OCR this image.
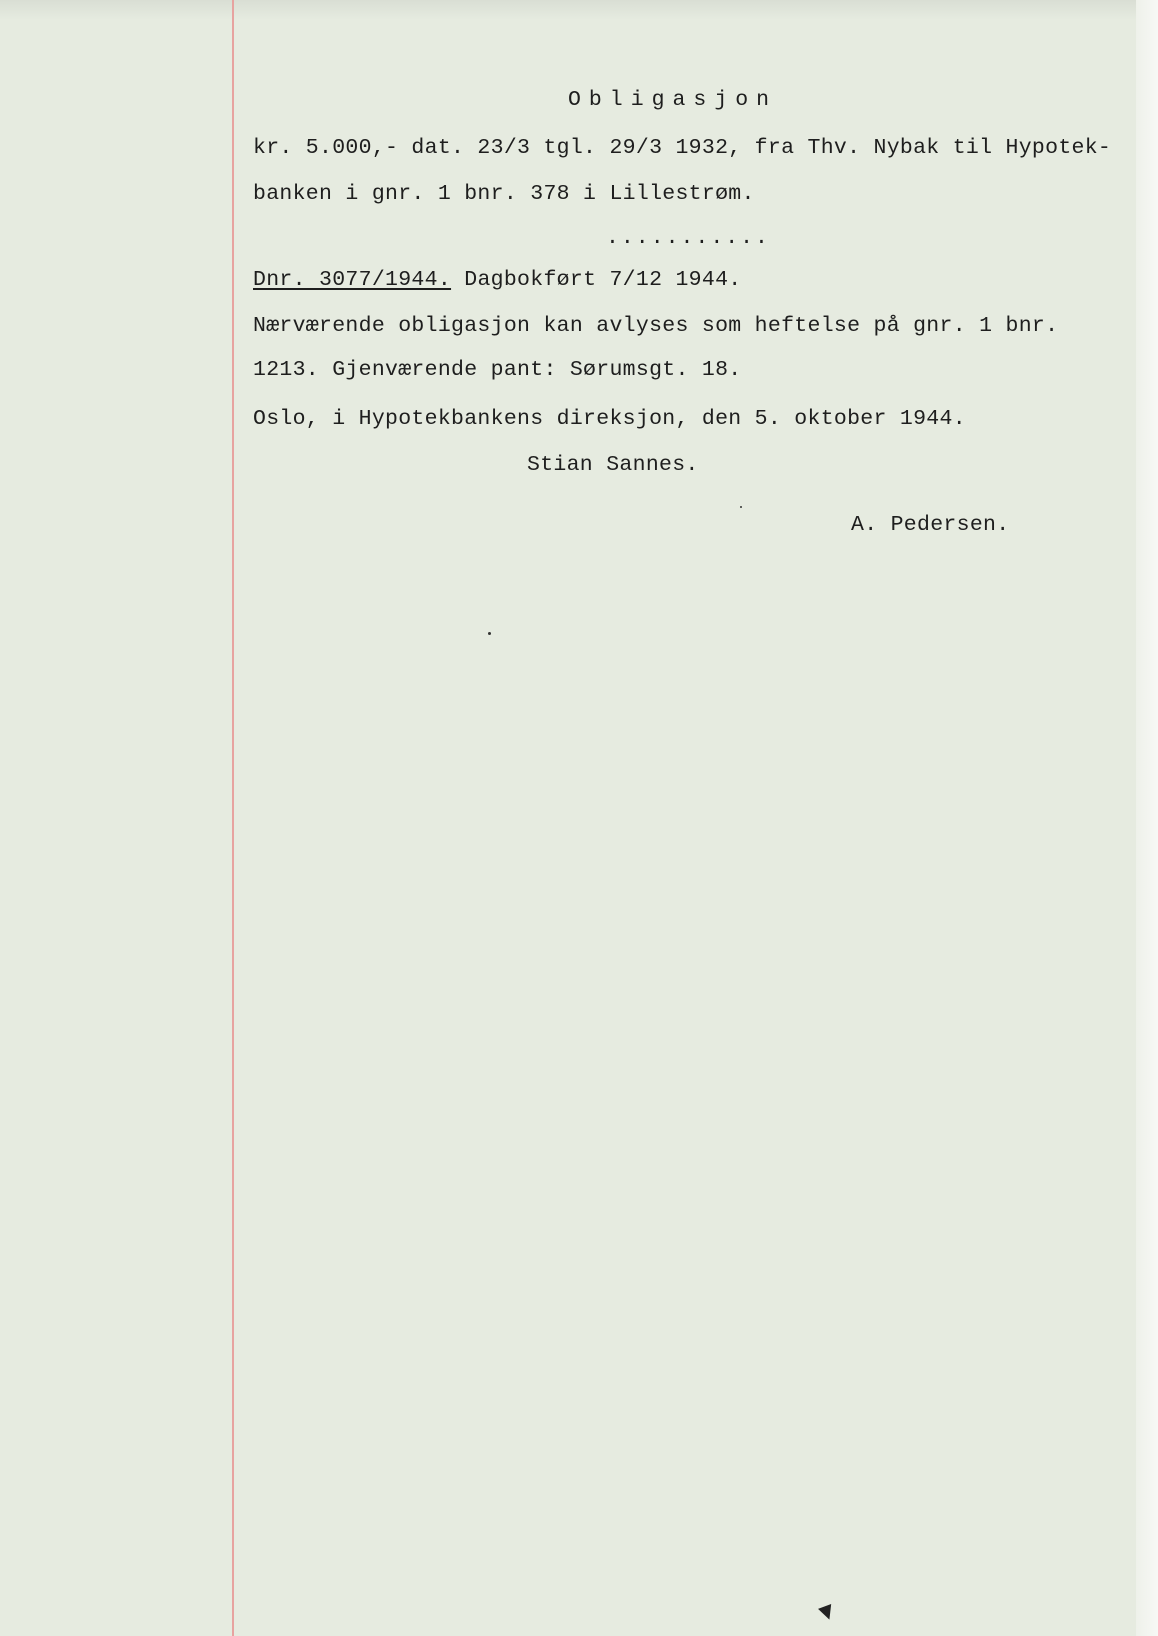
Obligasjon
kr. 5.000,- dat. 23/3 tgl. 29/3 1932, fra Thv. Nybak til Hypotek-
banken i gnr. 1 bnr. 378 i Lillestrøm.
...........
Dnr. 3077/1944. Dagbokført 7/12 1944.
Nærværende obligasjon kan avlyses som heftelse på gnr. 1 bnr.
1213. Gjenværende pant: Sørumsgt. 18.
Oslo, i Hypotekbankens direksjon, den 5. oktober 1944.
Stian Sannes.
A. Pedersen.
